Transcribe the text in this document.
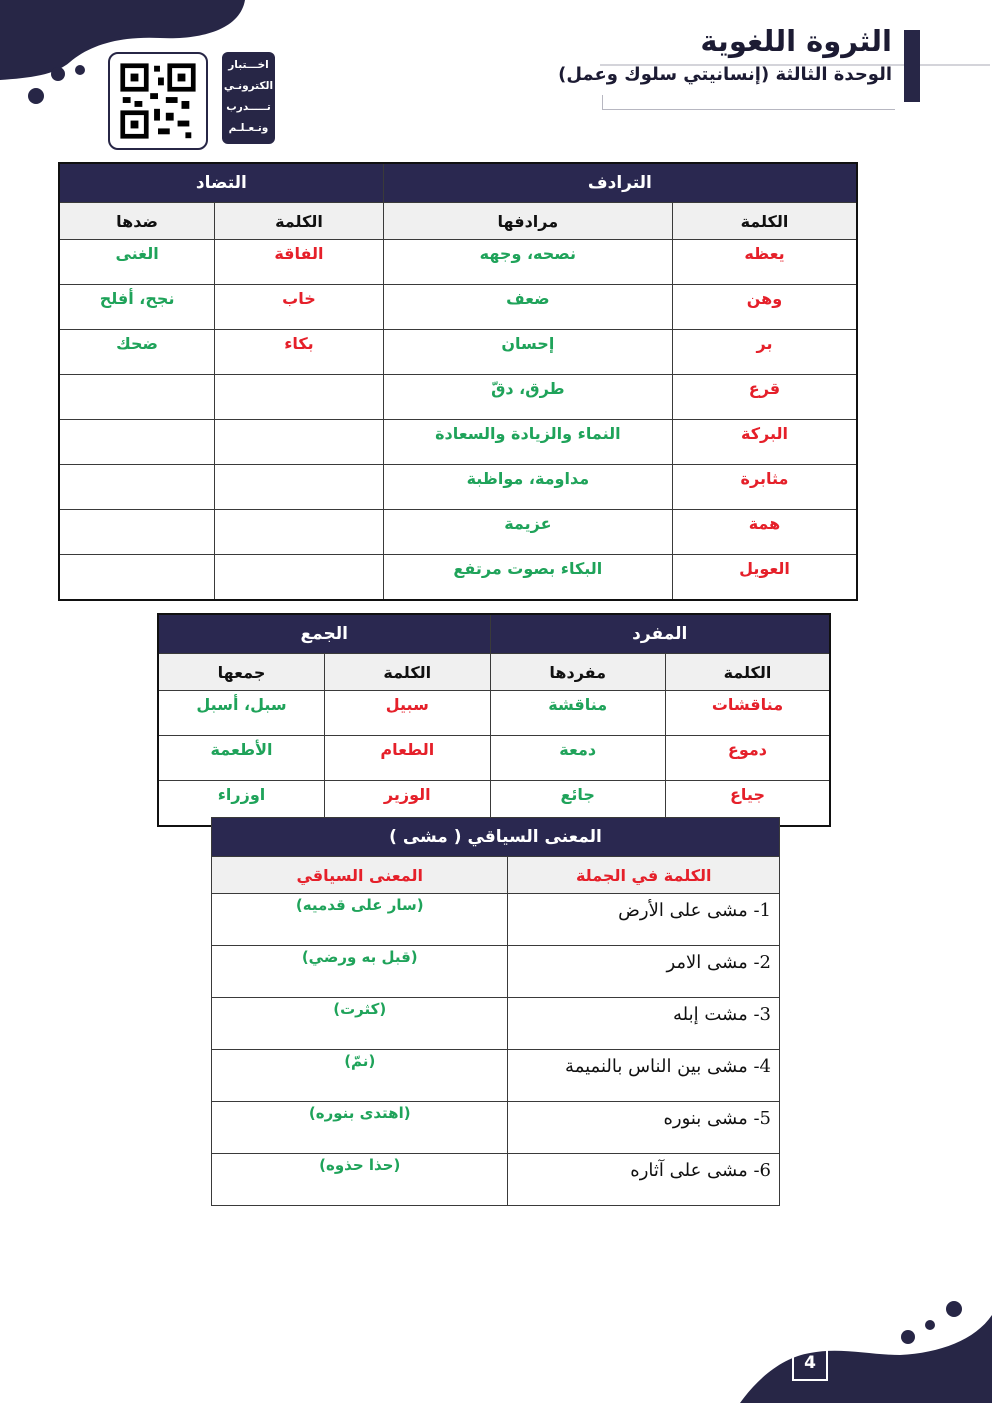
اخـــتبار
الكترونـي
تـــــدرب
وتـعـلـم
الثروة اللغوية
الوحدة الثالثة (إنسانيتي سلوك وعمل)
الترادف		التضاد	
الكلمة	مرادفها	الكلمة	ضدها
يعظه	نصحه، وجهه	الفاقة	الغنى
وهن	ضعف	خاب	نجح، أفلح
بر	إحسان	بكاء	ضحك
قرع	طرق، دقّ		
البركة	النماء والزيادة والسعادة		
مثابرة	مداومة، مواظبة		
همة	عزيمة		
العويل	البكاء بصوت مرتفع		
المفرد		الجمع	
الكلمة	مفردها	الكلمة	جمعها
مناقشات	مناقشة	سبيل	سبل، أسبل
دموع	دمعة	الطعام	الأطعمة
جياع	جائع	الوزير	اوزراء
المعنى السياقي ( مشى )	
الكلمة في الجملة	المعنى السياقي
1- مشى على الأرض	(سار على قدميه)
2- مشى الامر	(قبل به ورضي)
3- مشت إبله	(كثرت)
4- مشى بين الناس بالنميمة	(نمّ)
5- مشى بنوره	(اهتدى بنوره)
6- مشى على آثاره	(حذا حذوه)
4
